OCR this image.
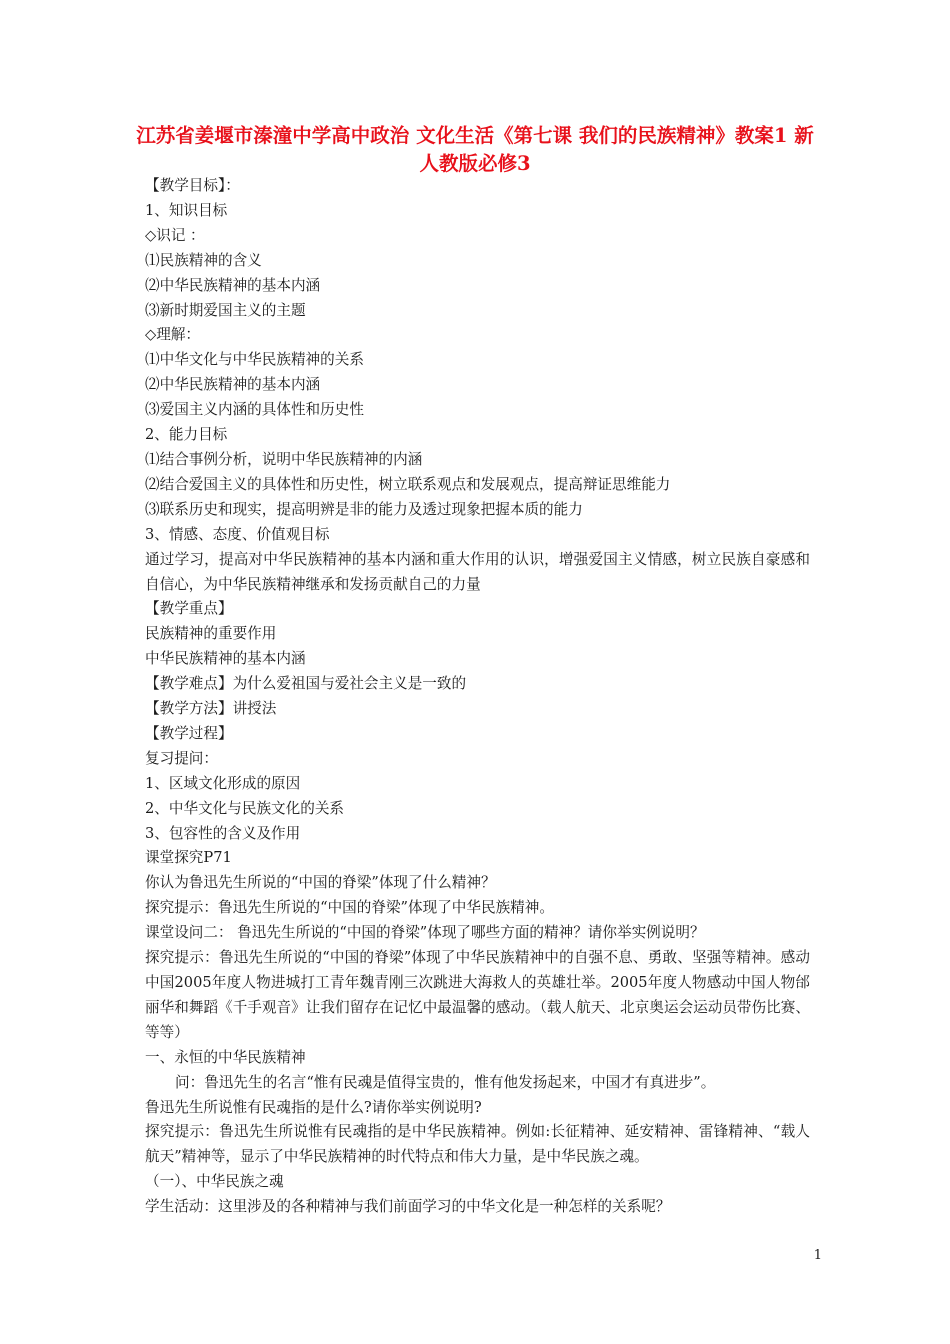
江苏省姜堰市溱潼中学高中政治 文化生活《第七课 我们的民族精神》教案1 新人教版必修3

【教学目标】：

1、知识目标

◇识记 ：

⑴民族精神的含义

⑵中华民族精神的基本内涵

⑶新时期爱国主义的主题

◇理解：

⑴中华文化与中华民族精神的关系

⑵中华民族精神的基本内涵

⑶爱国主义内涵的具体性和历史性

2、能力目标

⑴结合事例分析，说明中华民族精神的内涵

⑵结合爱国主义的具体性和历史性，树立联系观点和发展观点，提高辩证思维能力

⑶联系历史和现实，提高明辨是非的能力及透过现象把握本质的能力

3、情感、态度、价值观目标

通过学习，提高对中华民族精神的基本内涵和重大作用的认识，增强爱国主义情感，树立民族自豪感和自信心，为中华民族精神继承和发扬贡献自己的力量

【教学重点】

民族精神的重要作用

中华民族精神的基本内涵

【教学难点】为什么爱祖国与爱社会主义是一致的

【教学方法】讲授法

【教学过程】

复习提问：

1、区域文化形成的原因

2、中华文化与民族文化的关系

3、包容性的含义及作用

课堂探究P71

你认为鲁迅先生所说的“中国的脊梁”体现了什么精神？

探究提示：鲁迅先生所说的“中国的脊梁”体现了中华民族精神。

课堂设问二： 鲁迅先生所说的“中国的脊梁”体现了哪些方面的精神？请你举实例说明？

探究提示：鲁迅先生所说的“中国的脊梁”体现了中华民族精神中的自强不息、勇敢、坚强等精神。感动中国2005年度人物进城打工青年魏青刚三次跳进大海救人的英雄壮举。2005年度人物感动中国人物邰丽华和舞蹈《千手观音》让我们留存在记忆中最温馨的感动。（载人航天、北京奥运会运动员带伤比赛、等等）

一、永恒的中华民族精神

问：鲁迅先生的名言“惟有民魂是值得宝贵的，惟有他发扬起来，中国才有真进步”。

鲁迅先生所说惟有民魂指的是什么?请你举实例说明?

探究提示：鲁迅先生所说惟有民魂指的是中华民族精神。例如:长征精神、延安精神、雷锋精神、“载人航天”精神等，显示了中华民族精神的时代特点和伟大力量，是中华民族之魂。

（一）、中华民族之魂

学生活动：这里涉及的各种精神与我们前面学习的中华文化是一种怎样的关系呢？

1
